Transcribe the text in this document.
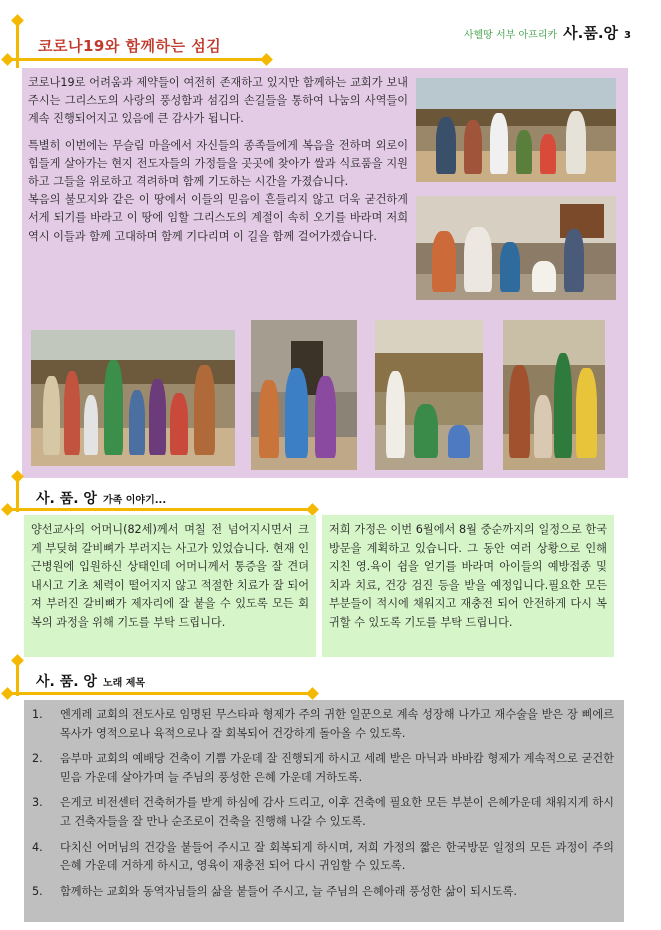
사헬땅 서부 아프리카 사.품.앙 3
코로나19와 함께하는 섬김

코로나19로 어려움과 제약들이 여전히 존재하고 있지만 함께하는 교회가 보내주시는 그리스도의 사랑의 풍성함과 섬김의 손길들을 통하여 나눔의 사역들이 계속 진행되어지고 있음에 큰 감사가 됩니다.

특별히 이번에는 무슬림 마을에서 자신들의 종족들에게 복음을 전하며 외로이 힘들게 살아가는 현지 전도자들의 가정들을 곳곳에 찾아가 쌀과 식료품을 지원하고 그들을 위로하고 격려하며 함께 기도하는 시간을 가졌습니다.

복음의 불모지와 같은 이 땅에서 이들의 믿음이 흔들리지 않고 더욱 굳건하게 서게 되기를 바라고 이 땅에 임할 그리스도의 계절이 속히 오기를 바라며 저희 역시 이들과 함께 고대하며 함께 기다리며 이 길을 함께 걸어가겠습니다.

사. 품. 앙 가족 이야기...
양선교사의 어머니(82세)께서 며칠 전 넘어지시면서 크게 부딪혀 갈비뼈가 부러지는 사고가 있었습니다. 현재 인근병원에 입원하신 상태인데 어머니께서 통증을 잘 견뎌내시고 기초 체력이 떨어지지 않고 적절한 치료가 잘 되어져 부러진 갈비뼈가 제자리에 잘 붙을 수 있도록 모든 회복의 과정을 위해 기도를 부탁 드립니다.
저희 가정은 이번 6월에서 8월 중순까지의 일정으로 한국방문을 계획하고 있습니다. 그 동안 여러 상황으로 인해 지친 영.육이 쉼을 얻기를 바라며 아이들의 예방접종 및 치과 치료, 건강 검진 등을 받을 예정입니다.필요한 모든 부분들이 적시에 채워지고 재충전 되어 안전하게 다시 복귀할 수 있도록 기도를 부탁 드립니다.
사. 품. 앙 노래 제목
1.	엔게레 교회의 전도사로 임명된 무스타파 형제가 주의 귀한 일꾼으로 계속 성장해 나가고 재수술을 받은 장 삐에르 목사가 영적으로나 육적으로나 잘 회복되어 건강하게 돌아올 수 있도록.
2.	음부마 교회의 예배당 건축이 기쁨 가운데 잘 진행되게 하시고 세례 받은 마닉과 바바캄 형제가 계속적으로 굳건한 믿음 가운데 살아가며 늘 주님의 풍성한 은혜 가운데 거하도록.
3.	은게코 비전센터 건축허가를 받게 하심에 감사 드리고, 이후 건축에 필요한 모든 부분이 은혜가운데 채워지게 하시고 건축자들을 잘 만나 순조로이 건축을 진행해 나갈 수 있도록.
4.	다치신 어머님의 건강을 붙들어 주시고 잘 회복되게 하시며, 저희 가정의 짧은 한국방문 일정의 모든 과정이 주의 은혜 가운데 거하게 하시고, 영육이 재충전 되어 다시 귀임할 수 있도록.
5.	함께하는 교회와 동역자님들의 삶을 붙들어 주시고, 늘 주님의 은혜아래 풍성한 삶이 되시도록.
